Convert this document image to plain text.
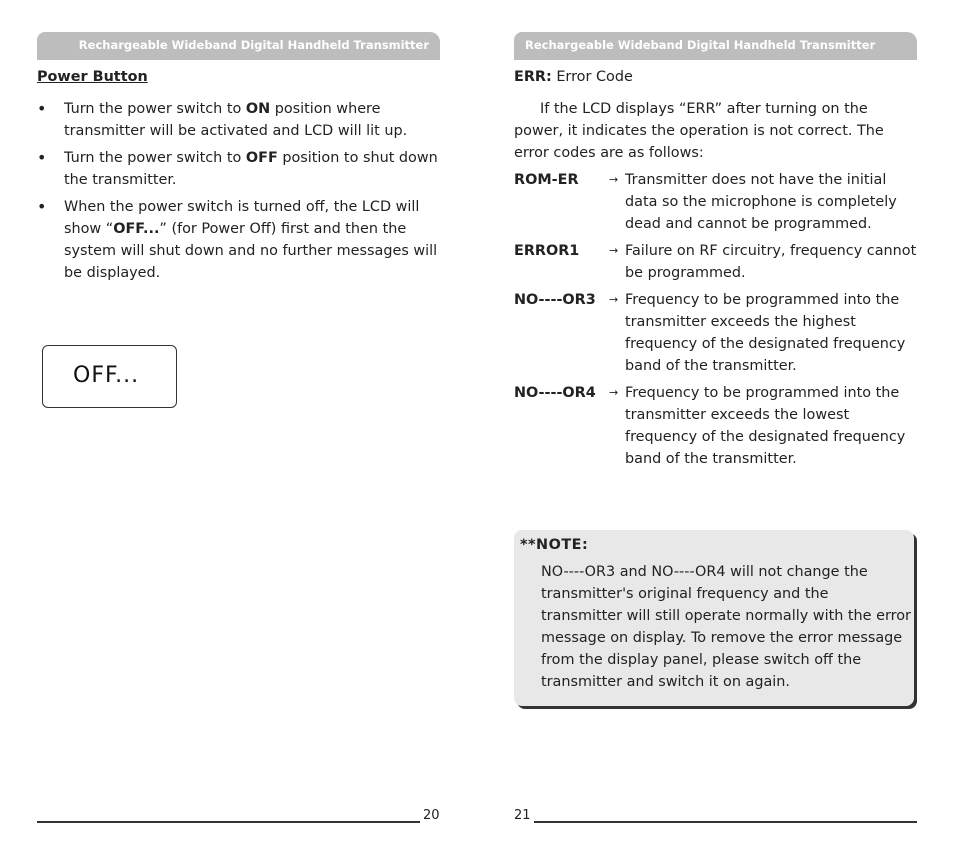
Rechargeable Wideband Digital Handheld Transmitter
Power Button
• Turn the power switch to ON position where transmitter will be activated and LCD will lit up.
• Turn the power switch to OFF position to shut down the transmitter.
• When the power switch is turned off, the LCD will show “OFF...” (for Power Off) first and then the system will shut down and no further messages will be displayed.
OFF...
20
Rechargeable Wideband Digital Handheld Transmitter
ERR: Error Code

If the LCD displays “ERR” after turning on the power, it indicates the operation is not correct. The error codes are as follows:

ROM-ER	→ Transmitter does not have the initial data so the microphone is completely dead and cannot be programmed.
ERROR1	→ Failure on RF circuitry, frequency cannot be programmed.
NO----OR3 → Frequency to be programmed into the transmitter exceeds the highest frequency of the designated frequency band of the transmitter.
NO----OR4 → Frequency to be programmed into the transmitter exceeds the lowest frequency of the designated frequency band of the transmitter.
**NOTE:

NO----OR3 and NO----OR4 will not change the transmitter's original frequency and the transmitter will still operate normally with the error message on display. To remove the error message from the display panel, please switch off the transmitter and switch it on again.

21
